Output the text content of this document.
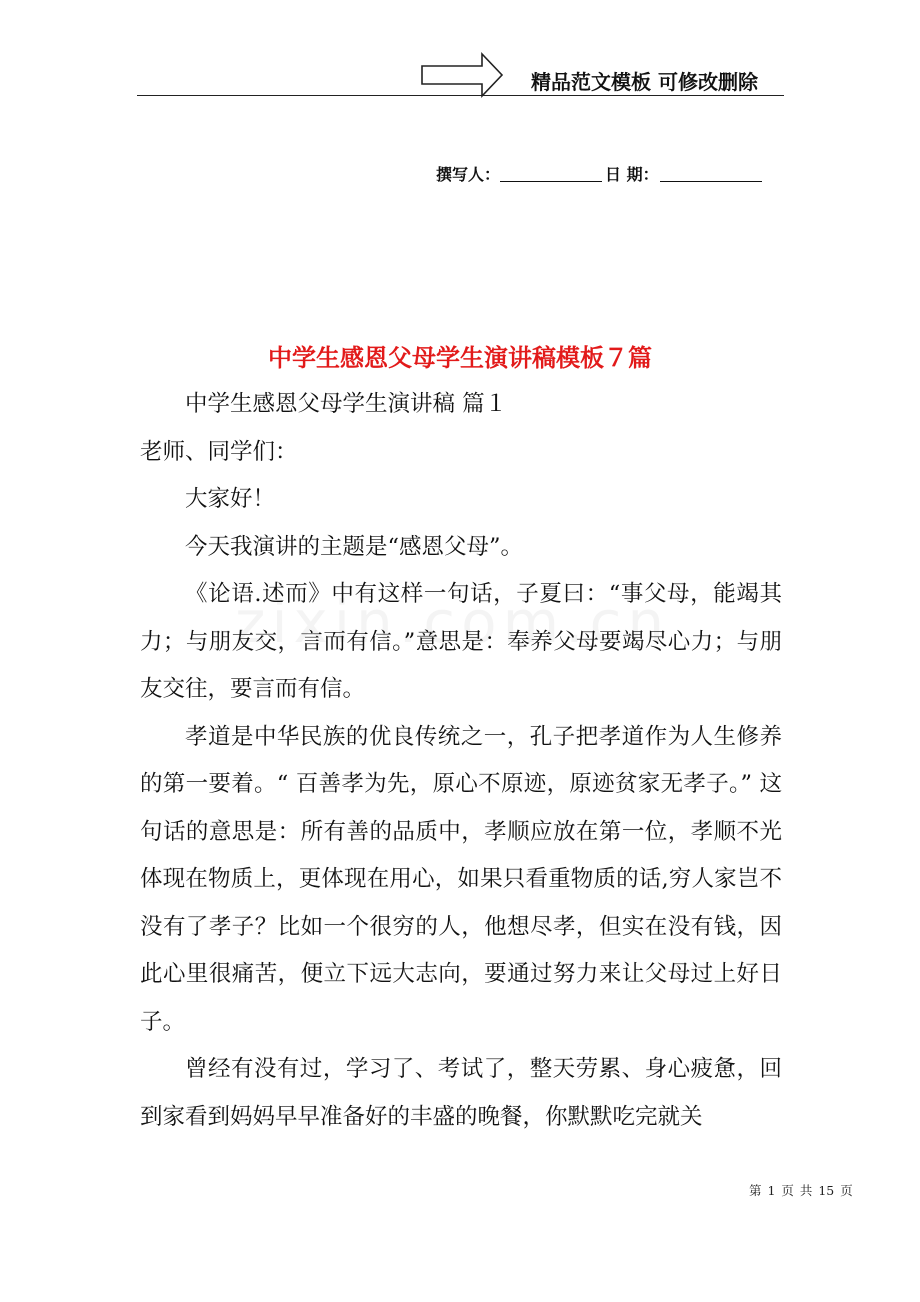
精品范文模板 可修改删除
撰写人：	日 期：
中学生感恩父母学生演讲稿模板７篇

中学生感恩父母学生演讲稿 篇１

老师、同学们：

大家好！

今天我演讲的主题是“感恩父母”。

《论语.述而》中有这样一句话，子夏曰：“事父母，能竭其力；与朋友交，言而有信。”意思是：奉养父母要竭尽心力；与朋友交往，要言而有信。

孝道是中华民族的优良传统之一，孔子把孝道作为人生修养的第一要着。“ 百善孝为先，原心不原迹，原迹贫家无孝子。” 这句话的意思是：所有善的品质中，孝顺应放在第一位，孝顺不光体现在物质上，更体现在用心，如果只看重物质的话,穷人家岂不没有了孝子？比如一个很穷的人，他想尽孝，但实在没有钱，因此心里很痛苦，便立下远大志向，要通过努力来让父母过上好日子。

曾经有没有过，学习了、考试了，整天劳累、身心疲惫，回到家看到妈妈早早准备好的丰盛的晚餐，你默默吃完就关

第 1 页 共 15 页
